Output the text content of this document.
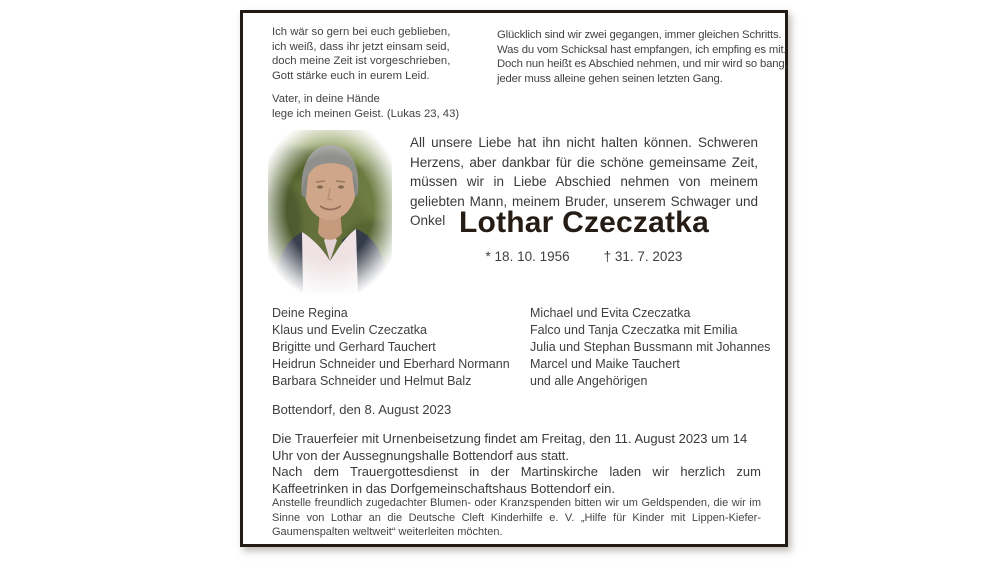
Ich wär so gern bei euch geblieben,
ich weiß, dass ihr jetzt einsam seid,
doch meine Zeit ist vorgeschrieben,
Gott stärke euch in eurem Leid.
Vater, in deine Hände
lege ich meinen Geist. (Lukas 23, 43)
Glücklich sind wir zwei gegangen, immer gleichen Schritts.
Was du vom Schicksal hast empfangen, ich empfing es mit.
Doch nun heißt es Abschied nehmen, und mir wird so bang,
jeder muss alleine gehen seinen letzten Gang.
All unsere Liebe hat ihn nicht halten können. Schweren Herzens, aber dankbar für die schöne gemeinsame Zeit, müssen wir in Liebe Abschied nehmen von meinem geliebten Mann, meinem Bruder, unserem Schwager und Onkel Lothar Czeczatka
* 18. 10. 1956	† 31. 7. 2023
Deine Regina
Klaus und Evelin Czeczatka
Brigitte und Gerhard Tauchert
Heidrun Schneider und Eberhard Normann
Barbara Schneider und Helmut Balz
Michael und Evita Czeczatka
Falco und Tanja Czeczatka mit Emilia
Julia und Stephan Bussmann mit Johannes
Marcel und Maike Tauchert
und alle Angehörigen
Bottendorf, den 8. August 2023
Die Trauerfeier mit Urnenbeisetzung findet am Freitag, den 11. August 2023 um 14 Uhr von der Aussegnungshalle Bottendorf aus statt.
Nach dem Trauergottesdienst in der Martinskirche laden wir herzlich zum Kaffeetrinken in das Dorfgemeinschaftshaus Bottendorf ein.
Anstelle freundlich zugedachter Blumen- oder Kranzspenden bitten wir um Geldspenden, die wir im Sinne von Lothar an die Deutsche Cleft Kinderhilfe e. V. „Hilfe für Kinder mit Lippen-Kiefer-Gaumenspalten weltweit“ weiterleiten möchten.
